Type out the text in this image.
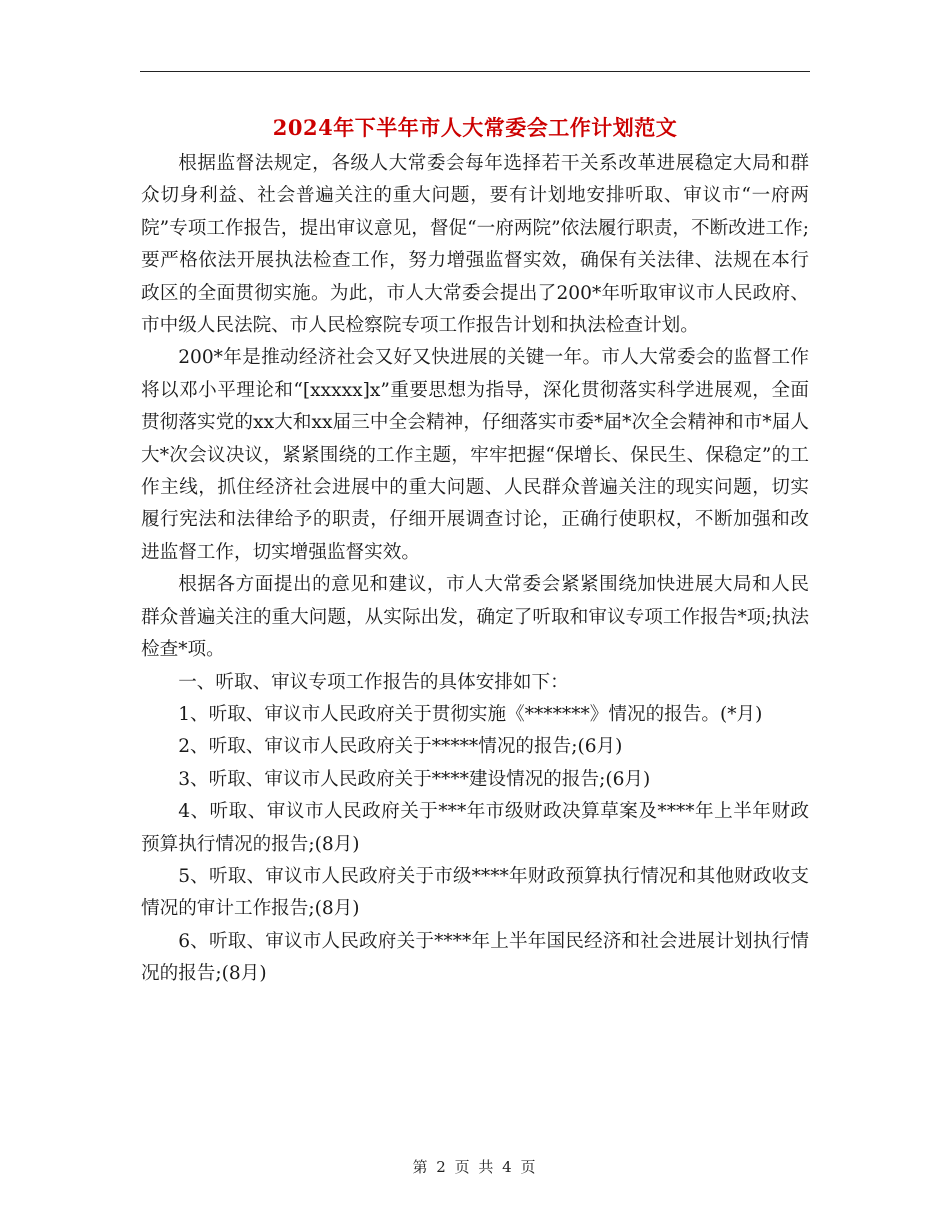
2024年下半年市人大常委会工作计划范文

根据监督法规定，各级人大常委会每年选择若干关系改革进展稳定大局和群众切身利益、社会普遍关注的重大问题，要有计划地安排听取、审议市“一府两院”专项工作报告，提出审议意见，督促“一府两院”依法履行职责，不断改进工作;要严格依法开展执法检查工作，努力增强监督实效，确保有关法律、法规在本行政区的全面贯彻实施。为此，市人大常委会提出了200*年听取审议市人民政府、市中级人民法院、市人民检察院专项工作报告计划和执法检查计划。

200*年是推动经济社会又好又快进展的关键一年。市人大常委会的监督工作将以邓小平理论和“[xxxxx]x”重要思想为指导，深化贯彻落实科学进展观，全面贯彻落实党的xx大和xx届三中全会精神，仔细落实市委*届*次全会精神和市*届人大*次会议决议，紧紧围绕的工作主题，牢牢把握“保增长、保民生、保稳定”的工作主线，抓住经济社会进展中的重大问题、人民群众普遍关注的现实问题，切实履行宪法和法律给予的职责，仔细开展调查讨论，正确行使职权，不断加强和改进监督工作，切实增强监督实效。

根据各方面提出的意见和建议，市人大常委会紧紧围绕加快进展大局和人民群众普遍关注的重大问题，从实际出发，确定了听取和审议专项工作报告*项;执法检查*项。

一、听取、审议专项工作报告的具体安排如下：

1、听取、审议市人民政府关于贯彻实施《*******》情况的报告。(*月)

2、听取、审议市人民政府关于*****情况的报告;(6月)

3、听取、审议市人民政府关于****建设情况的报告;(6月)

4、听取、审议市人民政府关于***年市级财政决算草案及****年上半年财政预算执行情况的报告;(8月)

5、听取、审议市人民政府关于市级****年财政预算执行情况和其他财政收支情况的审计工作报告;(8月)

6、听取、审议市人民政府关于****年上半年国民经济和社会进展计划执行情况的报告;(8月)

第 2 页 共 4 页
